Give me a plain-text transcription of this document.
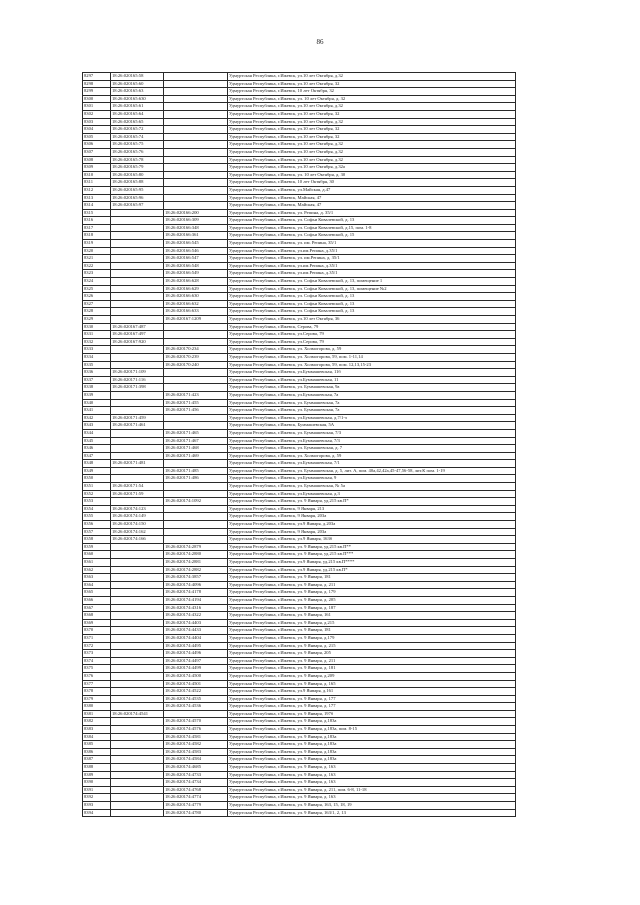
86
8297	18:26:020165:58		Удмуртская Республика, г.Ижевск, ул.10 лет Октября, д.32
8298	18:26:020165:60		Удмуртская Республика, г.Ижевск, ул.10 лет Октября, 32
8299	18:26:020165:63		Удмуртская Республика, г.Ижевск, 10 лет Октября, 32
8300	18:26:020165:630		Удмуртская Республика, г.Ижевск, ул. 10 лет Октября, д. 32
8301	18:26:020165:61		Удмуртская Республика, г.Ижевск, ул.10 лет Октября, д.32
8302	18:26:020165:64		Удмуртская Республика, г.Ижевск, ул.10 лет Октября, 32
8303	18:26:020165:65		Удмуртская Республика, г.Ижевск, ул.10 лет Октября, д.32
8304	18:26:020165:72		Удмуртская Республика, г.Ижевск, ул.10 лет Октября, 32
8305	18:26:020165:74		Удмуртская Республика, г.Ижевск, ул.10 лет Октября, 32
8306	18:26:020165:75		Удмуртская Республика, г.Ижевск, ул.10 лет Октября, д.32
8307	18:26:020165:76		Удмуртская Республика, г.Ижевск, ул.10 лет Октября, д.32
8308	18:26:020165:78		Удмуртская Республика, г.Ижевск, ул.10 лет Октября, д.32
8309	18:26:020165:79		Удмуртская Республика, г.Ижевск, ул.10 лет Октября, д.32а
8310	18:26:020165:80		Удмуртская Республика, г.Ижевск, ул. 10 лет Октября, д. 30
8311	18:26:020165:88		Удмуртская Республика, г.Ижевск, 10 лет Октября, 30
8312	18:26:020165:95		Удмуртская Республика, г.Ижевск, ул.Майская, д.47
8313	18:26:020165:96		Удмуртская Республика, г.Ижевск, Майская, 47
8314	18:26:020165:97		Удмуртская Республика, г.Ижевск, Майская, 47
8315		18:26:020166:200	Удмуртская Республика, г.Ижевск, ул. Репина, д. 35/1
8316		18:26:020166:309	Удмуртская Республика, г.Ижевск, ул. Софьи Ковалевской, д. 13
8317		18:26:020166:348	Удмуртская Республика, г.Ижевск, ул. Софьи Ковалевской, д.15, пом. 1-8
8318		18:26:020166:361	Удмуртская Республика, г.Ижевск, ул. Софьи Ковалевской, д. 15
8319		18:26:020166:545	Удмуртская Республика, г.Ижевск, ул. им. Репина, 35/1
8320		18:26:020166:546	Удмуртская Республика, г.Ижевск, ул.им.Репина, д.35/1
8321		18:26:020166:547	Удмуртская Республика, г.Ижевск, ул. им.Репина, д. 35/1
8322		18:26:020166:548	Удмуртская Республика, г.Ижевск, ул.им.Репина, д.35/1
8323		18:26:020166:549	Удмуртская Республика, г.Ижевск, ул.им.Репина, д.35/1
8324		18:26:020166:628	Удмуртская Республика, г.Ижевск, ул. Софьи Ковалевской, д. 13, помещение 1
8325		18:26:020166:629	Удмуртская Республика, г.Ижевск, ул. Софьи Ковалевской, д. 13, помещение №2
8326		18:26:020166:630	Удмуртская Республика, г.Ижевск, ул. Софьи Ковалевской, д. 13
8327		18:26:020166:632	Удмуртская Республика, г.Ижевск, ул. Софьи Ковалевской, д. 13
8328		18:26:020166:633	Удмуртская Республика, г.Ижевск, ул. Софьи Ковалевской, д. 13
8329		18:26:020167:1209	Удмуртская Республика, г.Ижевск, ул.10 лет Октября, 36
8330	18:26:020167:487		Удмуртская Республика, г.Ижевск, Серова, 79
8331	18:26:020167:497		Удмуртская Республика, г.Ижевск, ул.Серова, 79
8332	18:26:020167:920		Удмуртская Республика, г.Ижевск, ул.Серова, 79
8333		18:26:020170:234	Удмуртская Республика, г.Ижевск, ул. Холмогорова, д. 59
8334		18:26:020170:239	Удмуртская Республика, г.Ижевск, ул. Холмогорова, 59, пом. 1-11,14
8335		18:26:020170:240	Удмуртская Республика, г.Ижевск, ул. Холмогорова, 59, пом. 12,13,15-23
8336	18:26:020171:109		Удмуртская Республика, г.Ижевск, ул.Буммашевская, 11б
8337	18:26:020171:116		Удмуртская Республика, г.Ижевск, ул.Буммашевская, 11
8338	18:26:020171:398		Удмуртская Республика, г.Ижевск, ул. Буммашевская, 9а
8339		18:26:020171:423	Удмуртская Республика, г.Ижевск, ул.Буммашевская, 7а
8340		18:26:020171:455	Удмуртская Республика, г.Ижевск, ул. Буммашевская, 7а
8341		18:26:020171:456	Удмуртская Республика, г.Ижевск, ул. Буммашевская, 7а
8342	18:26:020171:459		Удмуртская Республика, г.Ижевск, ул.Буммашевская, д.7/1-э
8343	18:26:020171:461		Удмуртская Республика, г.Ижевск, Буммашевская, 5А
8344		18:26:020171:465	Удмуртская Республика, г.Ижевск, ул. Буммашевская, 7/3
8345		18:26:020171:467	Удмуртская Республика, г.Ижевск, ул.Буммашевская, 7/3
8346		18:26:020171:468	Удмуртская Республика, г.Ижевск, ул. Буммашевская, д. 7
8347		18:26:020171:469	Удмуртская Республика, г.Ижевск, ул. Холмогорова, д. 59
8348	18:26:020171:481		Удмуртская Республика, г.Ижевск, ул.Буммашевская, 7/1
8349		18:26:020171:485	Удмуртская Республика, г.Ижевск, ул. Буммашевская, д. 5, лит. А, пом. 40а,42,42а,45-47,56-58, лит.К пом. 1-19
8350		18:26:020171:486	Удмуртская Республика, г.Ижевск, ул.Буммашевская, 9
8351	18:26:020171:54		Удмуртская Республика, г.Ижевск, ул. Буммашевская, № 5а
8352	18:26:020171:59		Удмуртская Республика, г.Ижевск, ул.Буммашевская, д.3
8353		18:26:020174:1092	Удмуртская Республика, г.Ижевск, ул. 9 Января, уд.215 кв.П*
8354	18:26:020174:123		Удмуртская Республика, г.Ижевск, 9 Января, 213
8355	18:26:020174:149		Удмуртская Республика, г.Ижевск, 9 Января, 203а
8356	18:26:020174:150		Удмуртская Республика, г.Ижевск, ул.9 Января, д.203а
8357	18:26:020174:162		Удмуртская Республика, г.Ижевск, 9 Января, 203а
8358	18:26:020174:166		Удмуртская Республика, г.Ижевск, ул.9 Января, 163б
8359		18:26:020174:2879	Удмуртская Республика, г.Ижевск, ул. 9 Января, уд.215 кв.П**
8360		18:26:020174:2880	Удмуртская Республика, г.Ижевск, ул. 9 Января, уд.215 кв.П***
8361		18:26:020174:2881	Удмуртская Республика, г.Ижевск, ул.9 Января, уд.215 кв.П****
8362		18:26:020174:2882	Удмуртская Республика, г.Ижевск, ул.9 Января, уд.215 кв.П*
8363		18:26:020174:3857	Удмуртская Республика, г.Ижевск, ул. 9 Января, 181
8364		18:26:020174:4096	Удмуртская Республика, г.Ижевск, ул. 9 Января, д. 211
8365		18:26:020174:4178	Удмуртская Республика, г.Ижевск, ул. 9 Января, д. 179
8366		18:26:020174:4194	Удмуртская Республика, г.Ижевск, ул. 9 Января, д. 205
8367		18:26:020174:4316	Удмуртская Республика, г.Ижевск, ул. 9 Января, д. 187
8368		18:26:020174:4322	Удмуртская Республика, г.Ижевск, ул. 9 Января, 161
8369		18:26:020174:4403	Удмуртская Республика, г.Ижевск, ул. 9 Января, д.215
8370		18:26:020174:4433	Удмуртская Республика, г.Ижевск, ул. 9 Января, 181
8371		18:26:020174:4404	Удмуртская Республика, г.Ижевск, ул. 9 Января, д.179
8372		18:26:020174:4495	Удмуртская Республика, г.Ижевск, ул. 9 Января, д. 215
8373		18:26:020174:4496	Удмуртская Республика, г.Ижевск, ул. 9 Января, 205
8374		18:26:020174:4497	Удмуртская Республика, г.Ижевск, ул. 9 Января, д. 211
8375		18:26:020174:4499	Удмуртская Республика, г.Ижевск, ул. 9 Января, д. 181
8376		18:26:020174:4500	Удмуртская Республика, г.Ижевск, ул. 9 Января, д.209
8377		18:26:020174:4501	Удмуртская Республика, г.Ижевск, ул. 9 Января, д. 165
8378		18:26:020174:4522	Удмуртская Республика, г.Ижевск, ул.9 Января, д.161
8379		18:26:020174:4535	Удмуртская Республика, г.Ижевск, ул. 9 Января, д. 177
8380		18:26:020174:4536	Удмуртская Республика, г.Ижевск, ул. 9 Января, д. 177
8381	18:26:020174:4541		Удмуртская Республика, г.Ижевск, ул. 9 Января, 197б
8382		18:26:020174:4570	Удмуртская Республика, г.Ижевск, ул. 9 Января, д.183а
8383		18:26:020174:4576	Удмуртская Республика, г.Ижевск, ул. 9 Января, д.183а, пом. 8-15
8384		18:26:020174:4581	Удмуртская Республика, г.Ижевск, ул. 9 Января, д.183а
8385		18:26:020174:4582	Удмуртская Республика, г.Ижевск, ул. 9 Января, д.183а
8386		18:26:020174:4583	Удмуртская Республика, г.Ижевск, ул. 9 Января, д.183а
8387		18:26:020174:4584	Удмуртская Республика, г.Ижевск, ул. 9 Января, д.183а
8388		18:26:020174:4685	Удмуртская Республика, г.Ижевск, ул. 9 Января, д. 163
8389		18:26:020174:4733	Удмуртская Республика, г.Ижевск, ул. 9 Января, д. 163
8390		18:26:020174:4734	Удмуртская Республика, г.Ижевск, ул. 9 Января, д. 163
8391		18:26:020174:4768	Удмуртская Республика, г.Ижевск, ул. 9 Января, д. 211, пом. 6-8, 11-18
8392		18:26:020174:4774	Удмуртская Республика, г.Ижевск, ул. 9 Января, д. 163
8393		18:26:020174:4779	Удмуртская Республика, г.Ижевск, ул. 9 Января, 163, 15, 18, 19
8394		18:26:020174:4780	Удмуртская Республика, г.Ижевск, ул. 9 Января, 163/1, 2, 13
